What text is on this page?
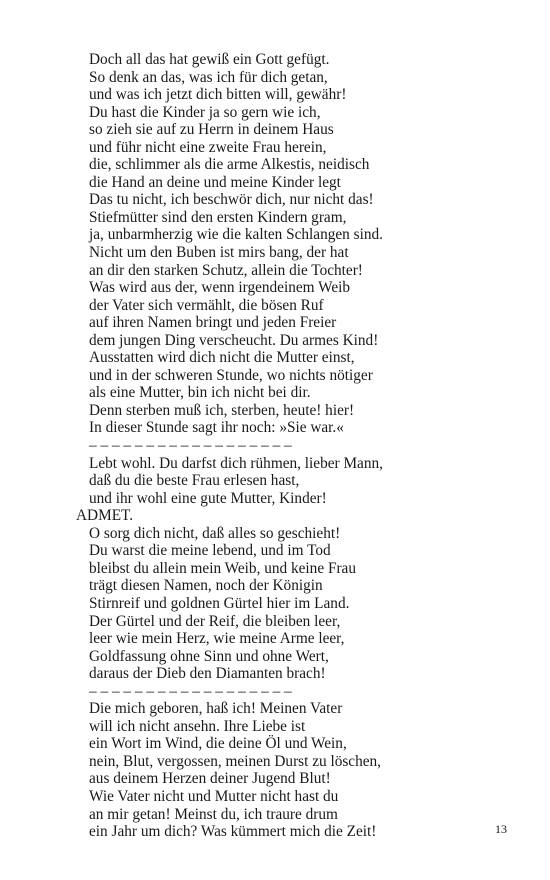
Doch all das hat gewiß ein Gott gefügt.
So denk an das, was ich für dich getan,
und was ich jetzt dich bitten will, gewähr!
Du hast die Kinder ja so gern wie ich,
so zieh sie auf zu Herrn in deinem Haus
und führ nicht eine zweite Frau herein,
die, schlimmer als die arme Alkestis, neidisch
die Hand an deine und meine Kinder legt
Das tu nicht, ich beschwör dich, nur nicht das!
Stiefmütter sind den ersten Kindern gram,
ja, unbarmherzig wie die kalten Schlangen sind.
Nicht um den Buben ist mirs bang, der hat
an dir den starken Schutz, allein die Tochter!
Was wird aus der, wenn irgendeinem Weib
der Vater sich vermählt, die bösen Ruf
auf ihren Namen bringt und jeden Freier
dem jungen Ding verscheucht. Du armes Kind!
Ausstatten wird dich nicht die Mutter einst,
und in der schweren Stunde, wo nichts nötiger
als eine Mutter, bin ich nicht bei dir.
Denn sterben muß ich, sterben, heute! hier!
In dieser Stunde sagt ihr noch: »Sie war.«
– – – – – – – – – – – – – – – – – –
Lebt wohl. Du darfst dich rühmen, lieber Mann,
daß du die beste Frau erlesen hast,
und ihr wohl eine gute Mutter, Kinder!
ADMET.
O sorg dich nicht, daß alles so geschieht!
Du warst die meine lebend, und im Tod
bleibst du allein mein Weib, und keine Frau
trägt diesen Namen, noch der Königin
Stirnreif und goldnen Gürtel hier im Land.
Der Gürtel und der Reif, die bleiben leer,
leer wie mein Herz, wie meine Arme leer,
Goldfassung ohne Sinn und ohne Wert,
daraus der Dieb den Diamanten brach!
– – – – – – – – – – – – – – – – – –
Die mich geboren, haß ich! Meinen Vater
will ich nicht ansehn. Ihre Liebe ist
ein Wort im Wind, die deine Öl und Wein,
nein, Blut, vergossen, meinen Durst zu löschen,
aus deinem Herzen deiner Jugend Blut!
Wie Vater nicht und Mutter nicht hast du
an mir getan! Meinst du, ich traure drum
ein Jahr um dich? Was kümmert mich die Zeit!	13
